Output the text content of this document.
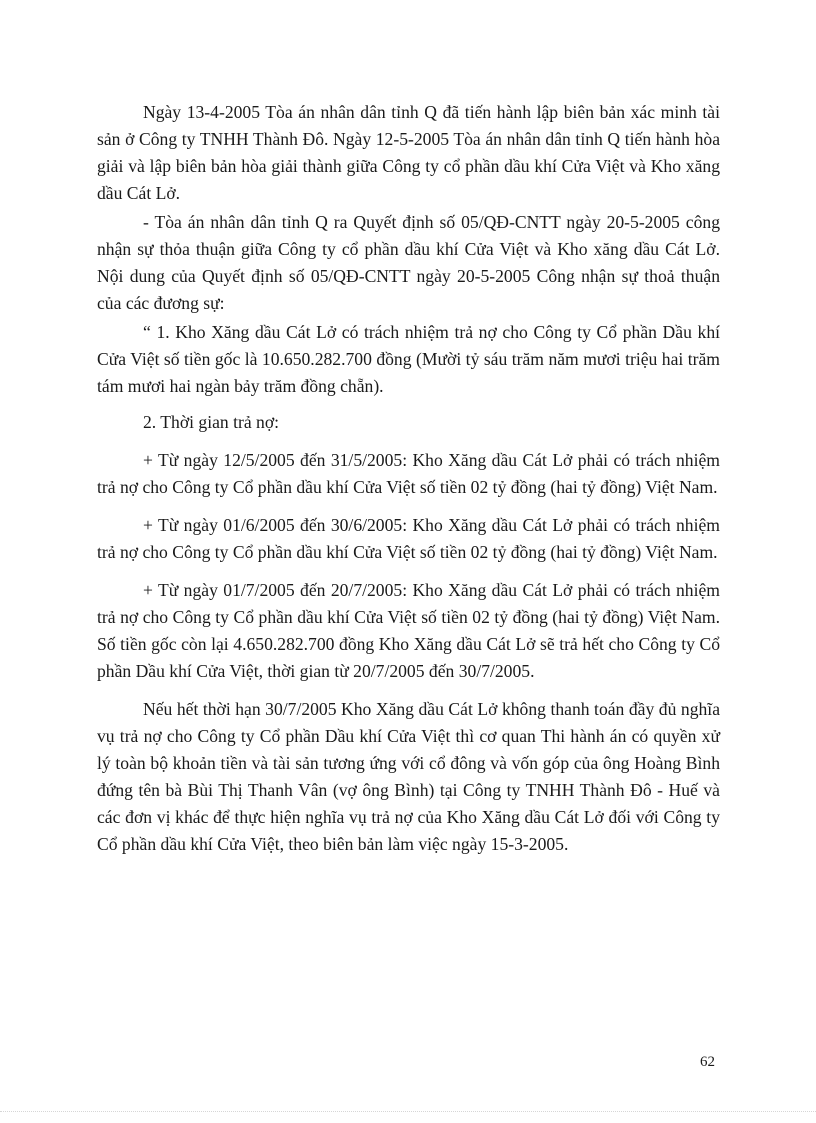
Ngày 13-4-2005 Tòa án nhân dân tỉnh Q đã tiến hành lập biên bản xác minh tài sản ở Công ty TNHH Thành Đô. Ngày 12-5-2005 Tòa án nhân dân tỉnh Q tiến hành hòa giải và lập biên bản hòa giải thành giữa Công ty cổ phần dầu khí Cửa Việt và Kho xăng dầu Cát Lở.

- Tòa án nhân dân tỉnh Q ra Quyết định số 05/QĐ-CNTT ngày 20-5-2005 công nhận sự thỏa thuận giữa Công ty cổ phần dầu khí Cửa Việt và Kho xăng dầu Cát Lở. Nội dung của Quyết định số 05/QĐ-CNTT ngày 20-5-2005 Công nhận sự thoả thuận của các đương sự:

“ 1. Kho Xăng dầu Cát Lở có trách nhiệm trả nợ cho Công ty Cổ phần Dầu khí Cửa Việt số tiền gốc là 10.650.282.700 đồng (Mười tỷ sáu trăm năm mươi triệu hai trăm tám mươi hai ngàn bảy trăm đồng chẵn).

2. Thời gian trả nợ:

+ Từ ngày 12/5/2005 đến 31/5/2005: Kho Xăng dầu Cát Lở phải có trách nhiệm trả nợ cho Công ty Cổ phần dầu khí Cửa Việt số tiền 02 tỷ đồng (hai tỷ đồng) Việt Nam.

+ Từ ngày 01/6/2005 đến 30/6/2005: Kho Xăng dầu Cát Lở phải có trách nhiệm trả nợ cho Công ty Cổ phần dầu khí Cửa Việt số tiền 02 tỷ đồng (hai tỷ đồng) Việt Nam.

+ Từ ngày 01/7/2005 đến 20/7/2005: Kho Xăng dầu Cát Lở phải có trách nhiệm trả nợ cho Công ty Cổ phần dầu khí Cửa Việt số tiền 02 tỷ đồng (hai tỷ đồng) Việt Nam. Số tiền gốc còn lại 4.650.282.700 đồng Kho Xăng dầu Cát Lở sẽ trả hết cho Công ty Cổ phần Dầu khí Cửa Việt, thời gian từ 20/7/2005 đến 30/7/2005.

Nếu hết thời hạn 30/7/2005 Kho Xăng dầu Cát Lở không thanh toán đầy đủ nghĩa vụ trả nợ cho Công ty Cổ phần Dầu khí Cửa Việt thì cơ quan Thi hành án có quyền xử lý toàn bộ khoản tiền và tài sản tương ứng với cổ đông và vốn góp của ông Hoàng Bình đứng tên bà Bùi Thị Thanh Vân (vợ ông Bình) tại Công ty TNHH Thành Đô - Huế và các đơn vị khác để thực hiện nghĩa vụ trả nợ của Kho Xăng dầu Cát Lở đối với Công ty Cổ phần dầu khí Cửa Việt, theo biên bản làm việc ngày 15-3-2005.

62
